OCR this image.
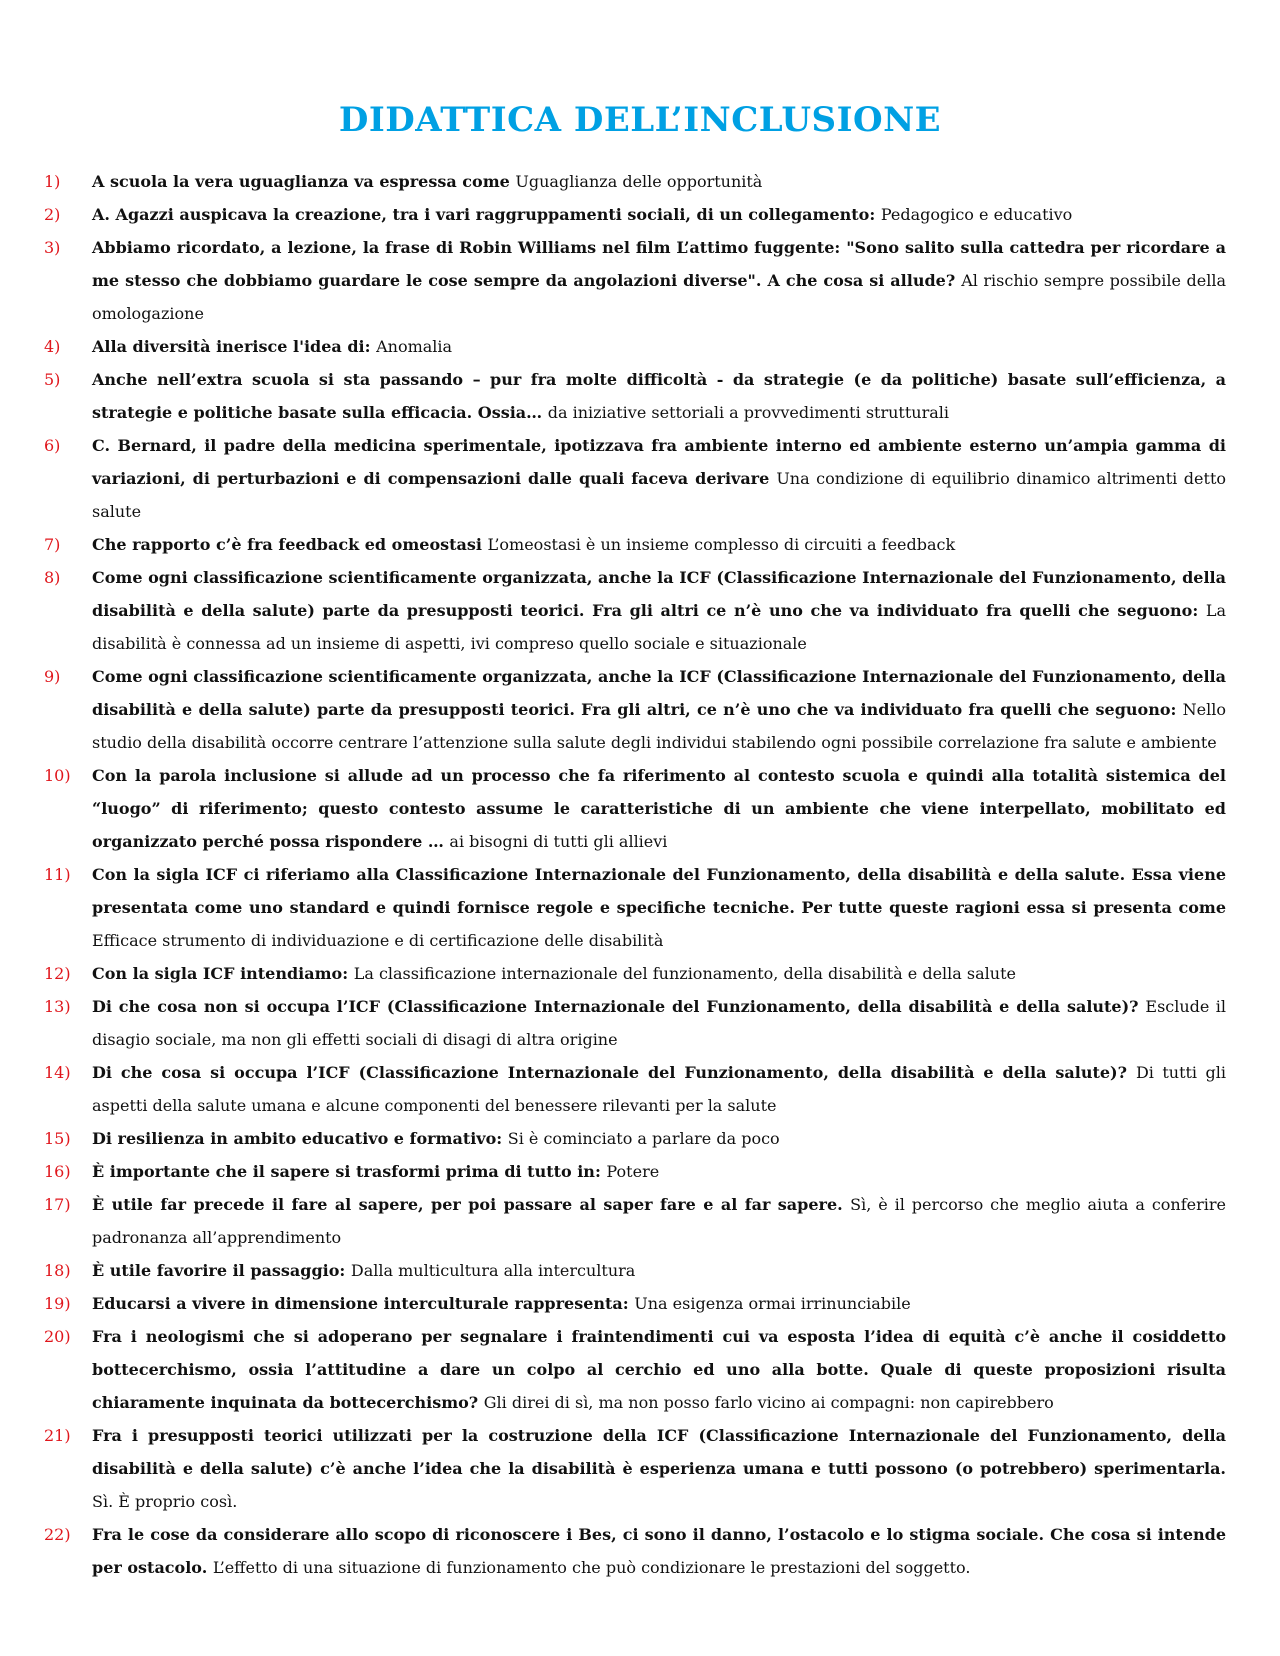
DIDATTICA DELL’INCLUSIONE
1)	A scuola la vera uguaglianza va espressa come Uguaglianza delle opportunità
2)	A. Agazzi auspicava la creazione, tra i vari raggruppamenti sociali, di un collegamento: Pedagogico e educativo
3)	Abbiamo ricordato, a lezione, la frase di Robin Williams nel film L’attimo fuggente: "Sono salito sulla cattedra per ricordare a me stesso che dobbiamo guardare le cose sempre da angolazioni diverse". A che cosa si allude? Al rischio sempre possibile della omologazione
4)	Alla diversità inerisce l'idea di: Anomalia
5)	Anche nell’extra scuola si sta passando – pur fra molte difficoltà - da strategie (e da politiche) basate sull’efficienza, a strategie e politiche basate sulla efficacia. Ossia… da iniziative settoriali a provvedimenti strutturali
6)	C. Bernard, il padre della medicina sperimentale, ipotizzava fra ambiente interno ed ambiente esterno un’ampia gamma di variazioni, di perturbazioni e di compensazioni dalle quali faceva derivare Una condizione di equilibrio dinamico altrimenti detto salute
7)	Che rapporto c’è fra feedback ed omeostasi L’omeostasi è un insieme complesso di circuiti a feedback
8)	Come ogni classificazione scientificamente organizzata, anche la ICF (Classificazione Internazionale del Funzionamento, della disabilità e della salute) parte da presupposti teorici. Fra gli altri ce n’è uno che va individuato fra quelli che seguono: La disabilità è connessa ad un insieme di aspetti, ivi compreso quello sociale e situazionale
9)	Come ogni classificazione scientificamente organizzata, anche la ICF (Classificazione Internazionale del Funzionamento, della disabilità e della salute) parte da presupposti teorici. Fra gli altri, ce n’è uno che va individuato fra quelli che seguono: Nello studio della disabilità occorre centrare l’attenzione sulla salute degli individui stabilendo ogni possibile correlazione fra salute e ambiente
10)	Con la parola inclusione si allude ad un processo che fa riferimento al contesto scuola e quindi alla totalità sistemica del “luogo” di riferimento; questo contesto assume le caratteristiche di un ambiente che viene interpellato, mobilitato ed organizzato perché possa rispondere … ai bisogni di tutti gli allievi
11)	Con la sigla ICF ci riferiamo alla Classificazione Internazionale del Funzionamento, della disabilità e della salute. Essa viene presentata come uno standard e quindi fornisce regole e specifiche tecniche. Per tutte queste ragioni essa si presenta come Efficace strumento di individuazione e di certificazione delle disabilità
12)	Con la sigla ICF intendiamo: La classificazione internazionale del funzionamento, della disabilità e della salute
13)	Di che cosa non si occupa l’ICF (Classificazione Internazionale del Funzionamento, della disabilità e della salute)? Esclude il disagio sociale, ma non gli effetti sociali di disagi di altra origine
14)	Di che cosa si occupa l’ICF (Classificazione Internazionale del Funzionamento, della disabilità e della salute)? Di tutti gli aspetti della salute umana e alcune componenti del benessere rilevanti per la salute
15)	Di resilienza in ambito educativo e formativo: Si è cominciato a parlare da poco
16)	È importante che il sapere si trasformi prima di tutto in: Potere
17)	È utile far precede il fare al sapere, per poi passare al saper fare e al far sapere. Sì, è il percorso che meglio aiuta a conferire padronanza all’apprendimento
18)	È utile favorire il passaggio: Dalla multicultura alla intercultura
19)	Educarsi a vivere in dimensione interculturale rappresenta: Una esigenza ormai irrinunciabile
20)	Fra i neologismi che si adoperano per segnalare i fraintendimenti cui va esposta l’idea di equità c’è anche il cosiddetto bottecerchismo, ossia l’attitudine a dare un colpo al cerchio ed uno alla botte. Quale di queste proposizioni risulta chiaramente inquinata da bottecerchismo? Gli direi di sì, ma non posso farlo vicino ai compagni: non capirebbero
21)	Fra i presupposti teorici utilizzati per la costruzione della ICF (Classificazione Internazionale del Funzionamento, della disabilità e della salute) c’è anche l’idea che la disabilità è esperienza umana e tutti possono (o potrebbero) sperimentarla. Sì. È proprio così.
22)	Fra le cose da considerare allo scopo di riconoscere i Bes, ci sono il danno, l’ostacolo e lo stigma sociale. Che cosa si intende per ostacolo. L’effetto di una situazione di funzionamento che può condizionare le prestazioni del soggetto.
